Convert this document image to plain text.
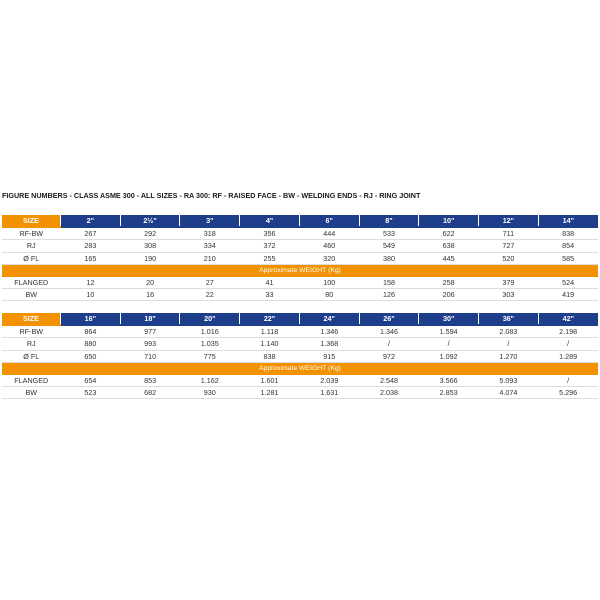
FIGURE NUMBERS - CLASS ASME 300 - ALL SIZES - RA 300: RF - RAISED FACE - BW - WELDING ENDS - RJ - RING JOINT
SIZE	2"	2½"	3"	4"	6"	8"	10"	12"	14"
RF-BW	267	292	318	356	444	533	622	711	838
RJ	283	308	334	372	460	549	638	727	854
Ø FL	165	190	210	255	320	380	445	520	585
Approximate WEIGHT (Kg)									
FLANGED	12	20	27	41	100	158	258	379	524
BW	10	16	22	33	80	126	206	303	419
SIZE	16"	18"	20"	22"	24"	26"	30"	36"	42"
RF-BW	864	977	1.016	1.118	1.346	1.346	1.594	2.083	2.198
RJ	880	993	1.035	1.140	1.368	/	/	/	/
Ø FL	650	710	775	838	915	972	1.092	1.270	1.289
Approximate WEIGHT (Kg)									
FLANGED	654	853	1.162	1.601	2.039	2.548	3.566	5.093	/
BW	523	682	930	1.281	1.631	2.038	2.853	4.074	5.296
